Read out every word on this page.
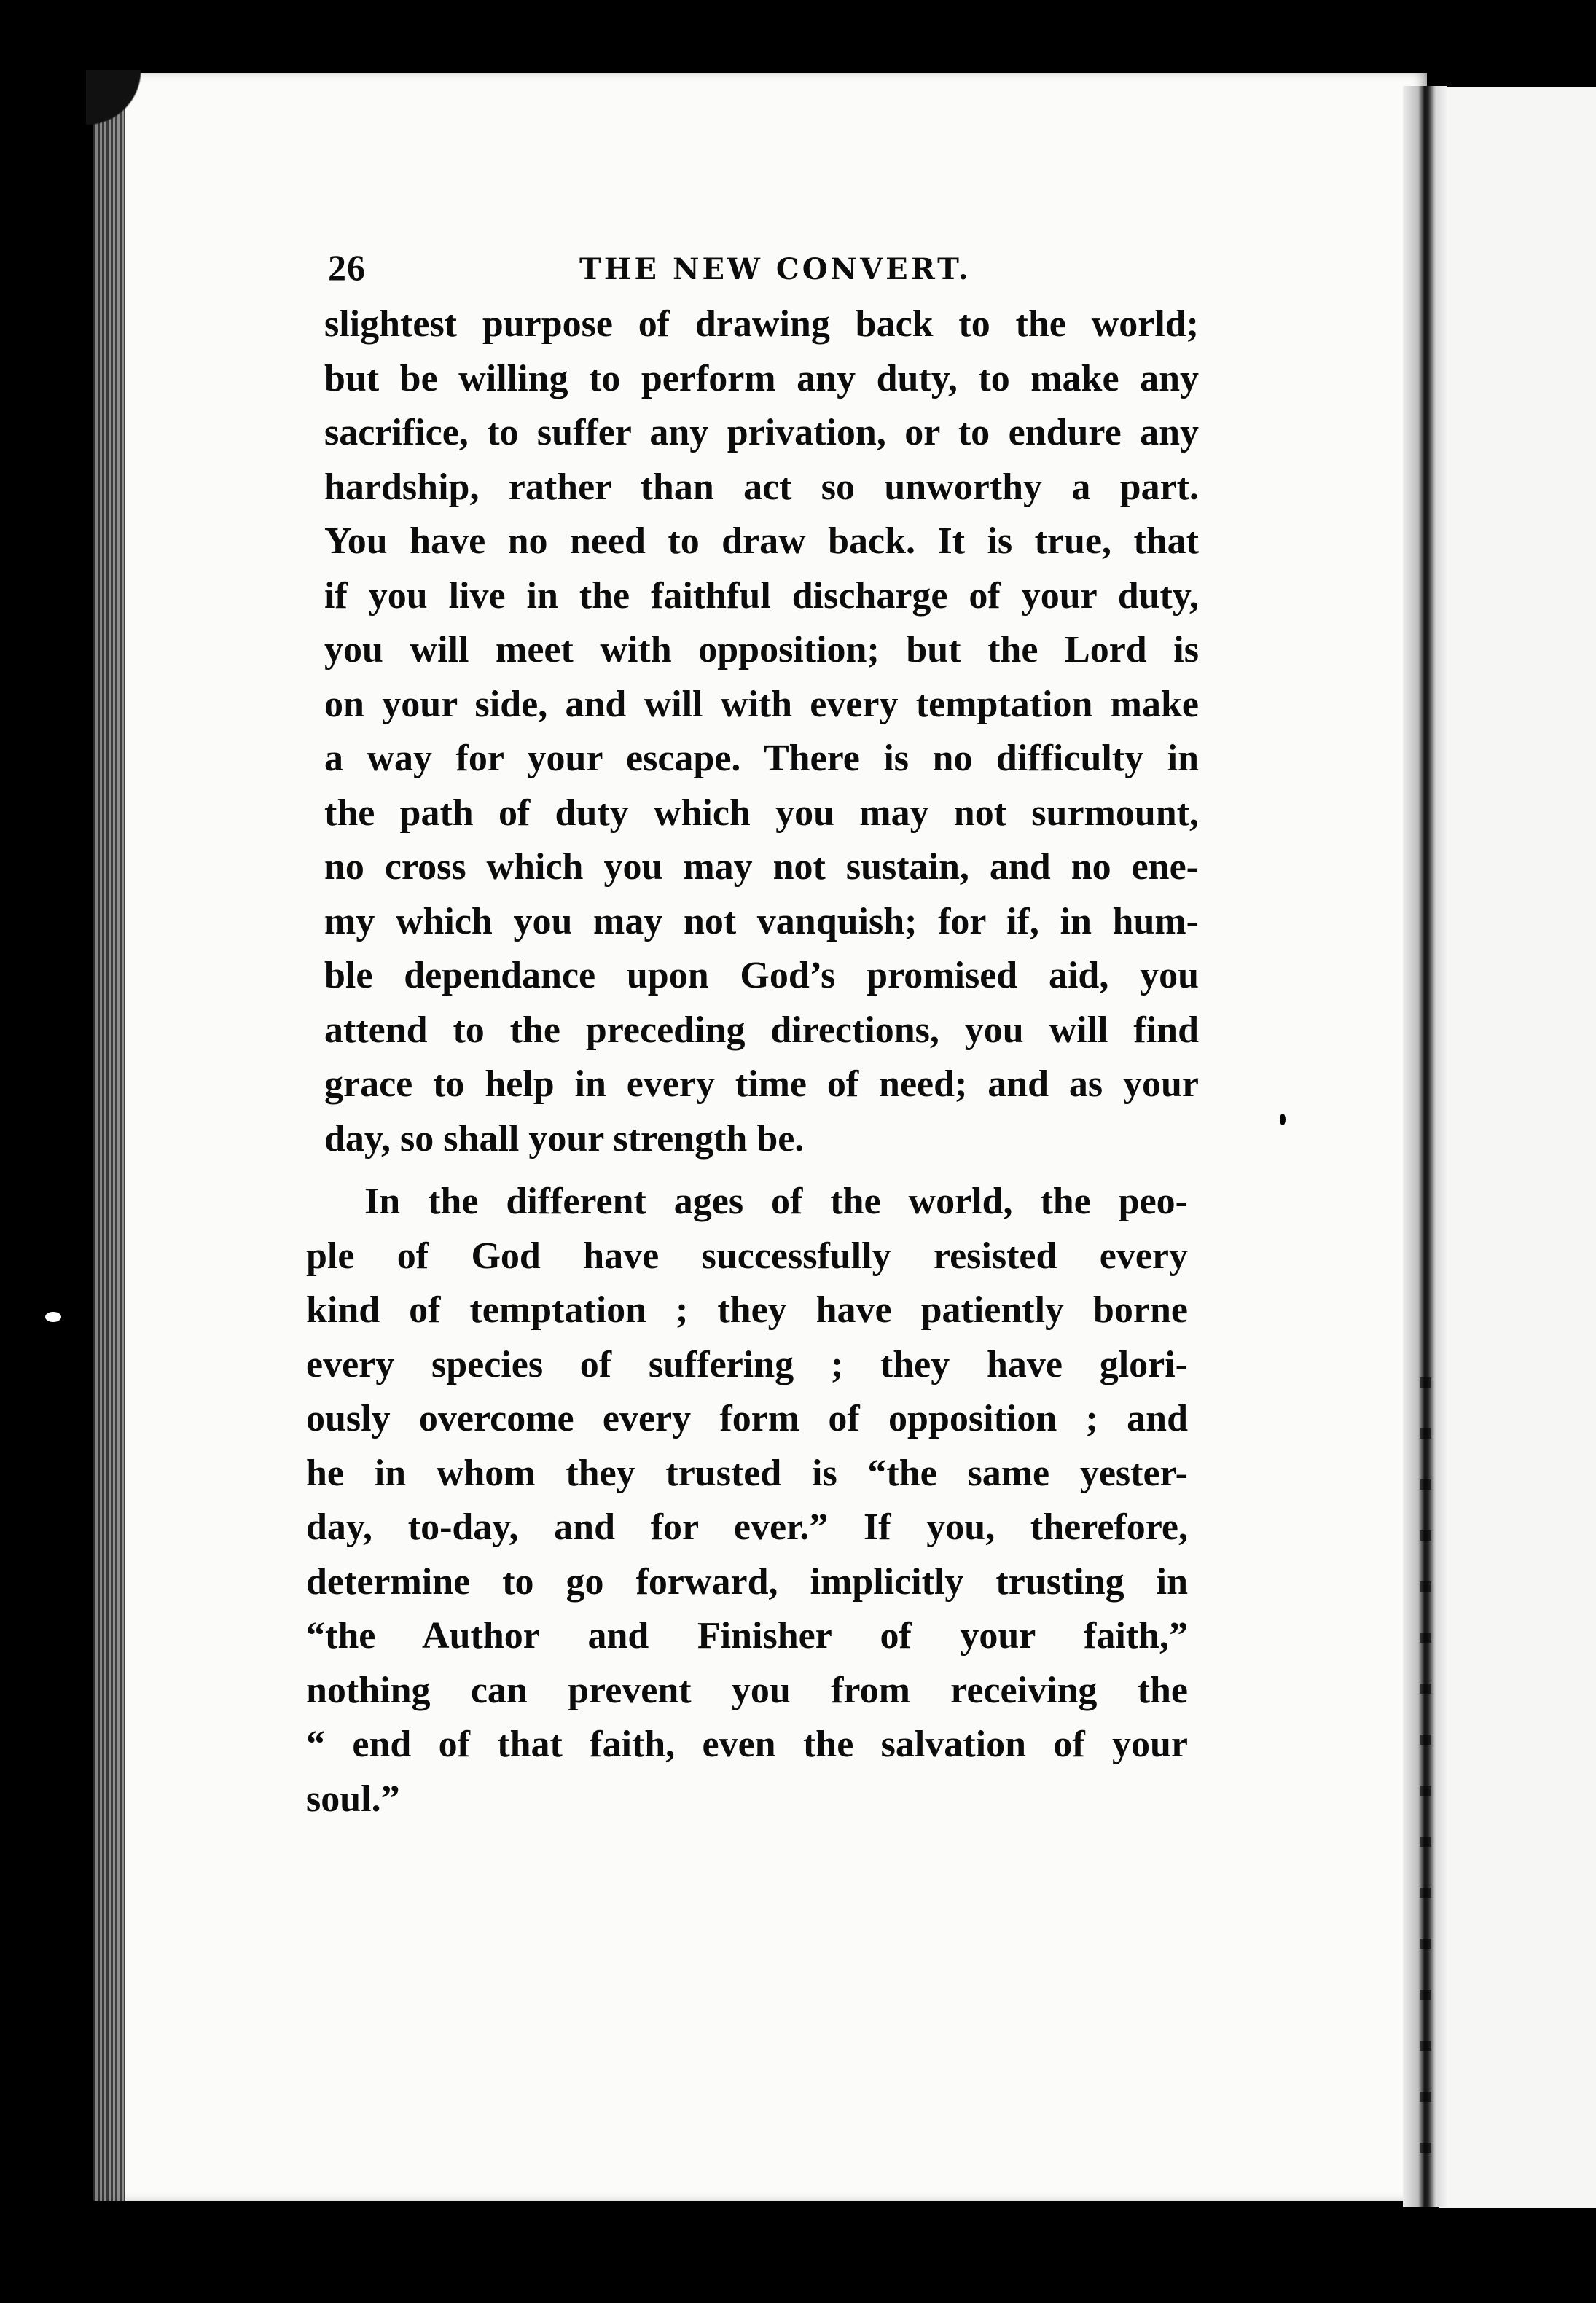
26	THE NEW CONVERT.
slightest purpose of drawing back to the world;
but be willing to perform any duty, to make any
sacrifice, to suffer any privation, or to endure any
hardship, rather than act so unworthy a part.
You have no need to draw back. It is true, that
if you live in the faithful discharge of your duty,
you will meet with opposition; but the Lord is
on your side, and will with every temptation make
a way for your escape. There is no difficulty in
the path of duty which you may not surmount,
no cross which you may not sustain, and no ene-
my which you may not vanquish; for if, in hum-
ble dependance upon God’s promised aid, you
attend to the preceding directions, you will find
grace to help in every time of need; and as your
day, so shall your strength be.
In the different ages of the world, the peo-
ple of God have successfully resisted every
kind of temptation ; they have patiently borne
every species of suffering ; they have glori-
ously overcome every form of opposition ; and
he in whom they trusted is “the same yester-
day, to-day, and for ever.” If you, therefore,
determine to go forward, implicitly trusting in
“the Author and Finisher of your faith,”
nothing can prevent you from receiving the
“ end of that faith, even the salvation of your
soul.”
